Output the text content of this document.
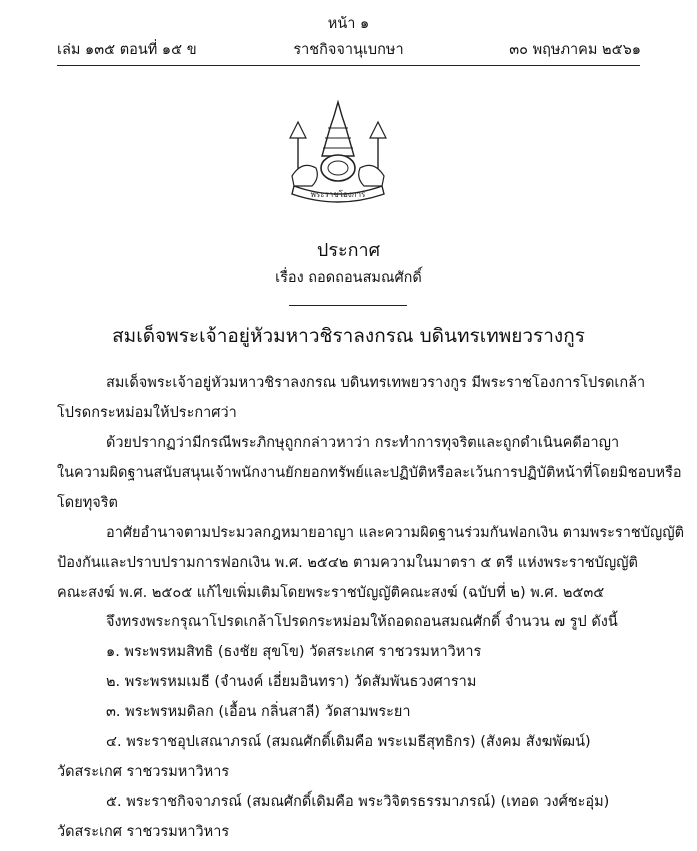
หน้า ๑
เล่ม ๑๓๕ ตอนที่ ๑๕ ข	ราชกิจจานุเบกษา	๓๐ พฤษภาคม ๒๕๖๑
พระราชโองการ
ประกาศ
เรื่อง ถอดถอนสมณศักดิ์
สมเด็จพระเจ้าอยู่หัวมหาวชิราลงกรณ บดินทรเทพยวรางกูร
สมเด็จพระเจ้าอยู่หัวมหาวชิราลงกรณ บดินทรเทพยวรางกูร มีพระราชโองการโปรดเกล้า
โปรดกระหม่อมให้ประกาศว่า
ด้วยปรากฏว่ามีกรณีพระภิกษุถูกกล่าวหาว่า กระทำการทุจริตและถูกดำเนินคดีอาญา
ในความผิดฐานสนับสนุนเจ้าพนักงานยักยอกทรัพย์และปฏิบัติหรือละเว้นการปฏิบัติหน้าที่โดยมิชอบหรือ
โดยทุจริต
อาศัยอำนาจตามประมวลกฎหมายอาญา และความผิดฐานร่วมกันฟอกเงิน ตามพระราชบัญญัติ
ป้องกันและปราบปรามการฟอกเงิน พ.ศ. ๒๕๔๒ ตามความในมาตรา ๕ ตรี แห่งพระราชบัญญัติ
คณะสงฆ์ พ.ศ. ๒๕๐๕ แก้ไขเพิ่มเติมโดยพระราชบัญญัติคณะสงฆ์ (ฉบับที่ ๒) พ.ศ. ๒๕๓๕
จึงทรงพระกรุณาโปรดเกล้าโปรดกระหม่อมให้ถอดถอนสมณศักดิ์ จำนวน ๗ รูป ดังนี้
๑. พระพรหมสิทธิ (ธงชัย สุขโข) วัดสระเกศ ราชวรมหาวิหาร
๒. พระพรหมเมธี (จำนงค์ เอี่ยมอินทรา) วัดสัมพันธวงศาราม
๓. พระพรหมดิลก (เอื้อน กลิ่นสาลี) วัดสามพระยา
๔. พระราชอุปเสณาภรณ์ (สมณศักดิ์เดิมคือ พระเมธีสุทธิกร) (สังคม สังฆพัฒน์)
วัดสระเกศ ราชวรมหาวิหาร
๕. พระราชกิจจาภรณ์ (สมณศักดิ์เดิมคือ พระวิจิตรธรรมาภรณ์) (เทอด วงศ์ชะอุ่ม)
วัดสระเกศ ราชวรมหาวิหาร
